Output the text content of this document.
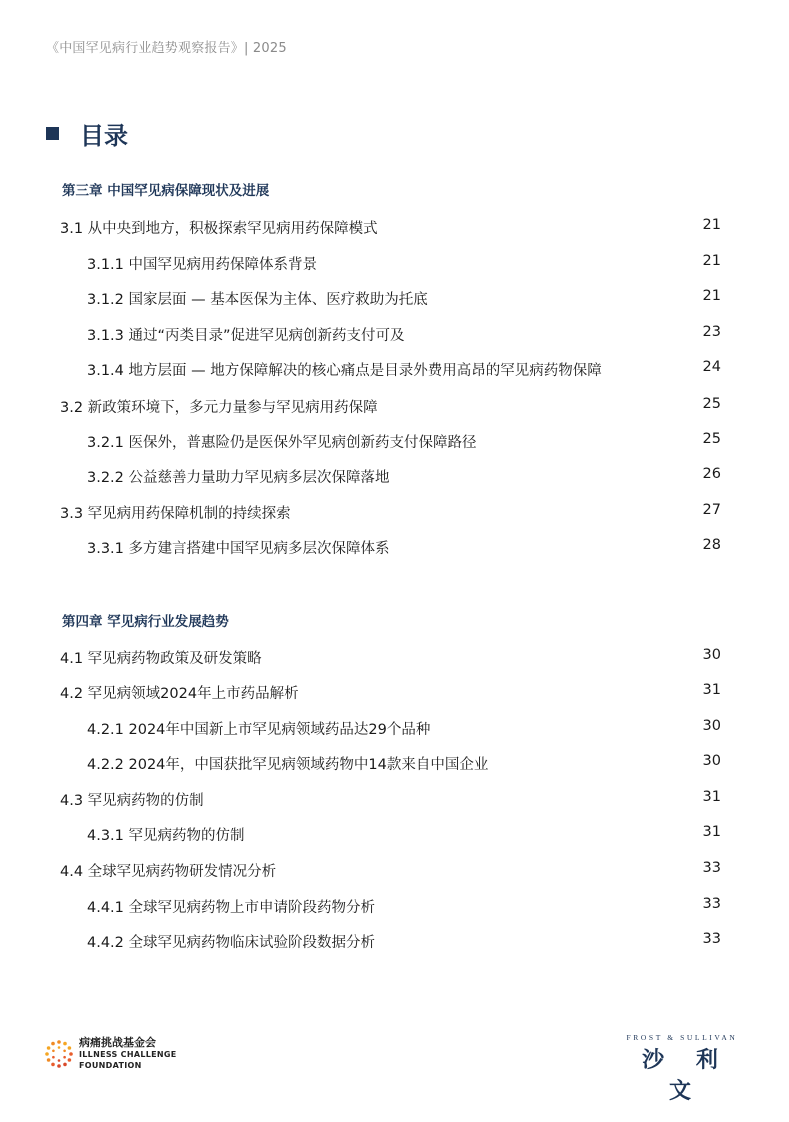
《中国罕见病行业趋势观察报告》| 2025
目录
第三章 中国罕见病保障现状及进展
3.1 从中央到地方，积极探索罕见病用药保障模式	21
3.1.1 中国罕见病用药保障体系背景	21
3.1.2 国家层面 — 基本医保为主体、医疗救助为托底	21
3.1.3 通过“丙类目录”促进罕见病创新药支付可及	23
3.1.4 地方层面 — 地方保障解决的核心痛点是目录外费用高昂的罕见病药物保障	24
3.2 新政策环境下，多元力量参与罕见病用药保障	25
3.2.1 医保外，普惠险仍是医保外罕见病创新药支付保障路径	25
3.2.2 公益慈善力量助力罕见病多层次保障落地	26
3.3 罕见病用药保障机制的持续探索	27
3.3.1 多方建言搭建中国罕见病多层次保障体系	28
第四章 罕见病行业发展趋势
4.1 罕见病药物政策及研发策略	30
4.2 罕见病领域2024年上市药品解析	31
4.2.1 2024年中国新上市罕见病领域药品达29个品种	30
4.2.2 2024年，中国获批罕见病领域药物中14款来自中国企业	30
4.3 罕见病药物的仿制	31
4.3.1 罕见病药物的仿制	31
4.4 全球罕见病药物研发情况分析	33
4.4.1 全球罕见病药物上市申请阶段药物分析	33
4.4.2 全球罕见病药物临床试验阶段数据分析	33
病痛挑战基金会
ILLNESS CHALLENGE
FOUNDATION
FROST & SULLIVAN
沙 利 文
